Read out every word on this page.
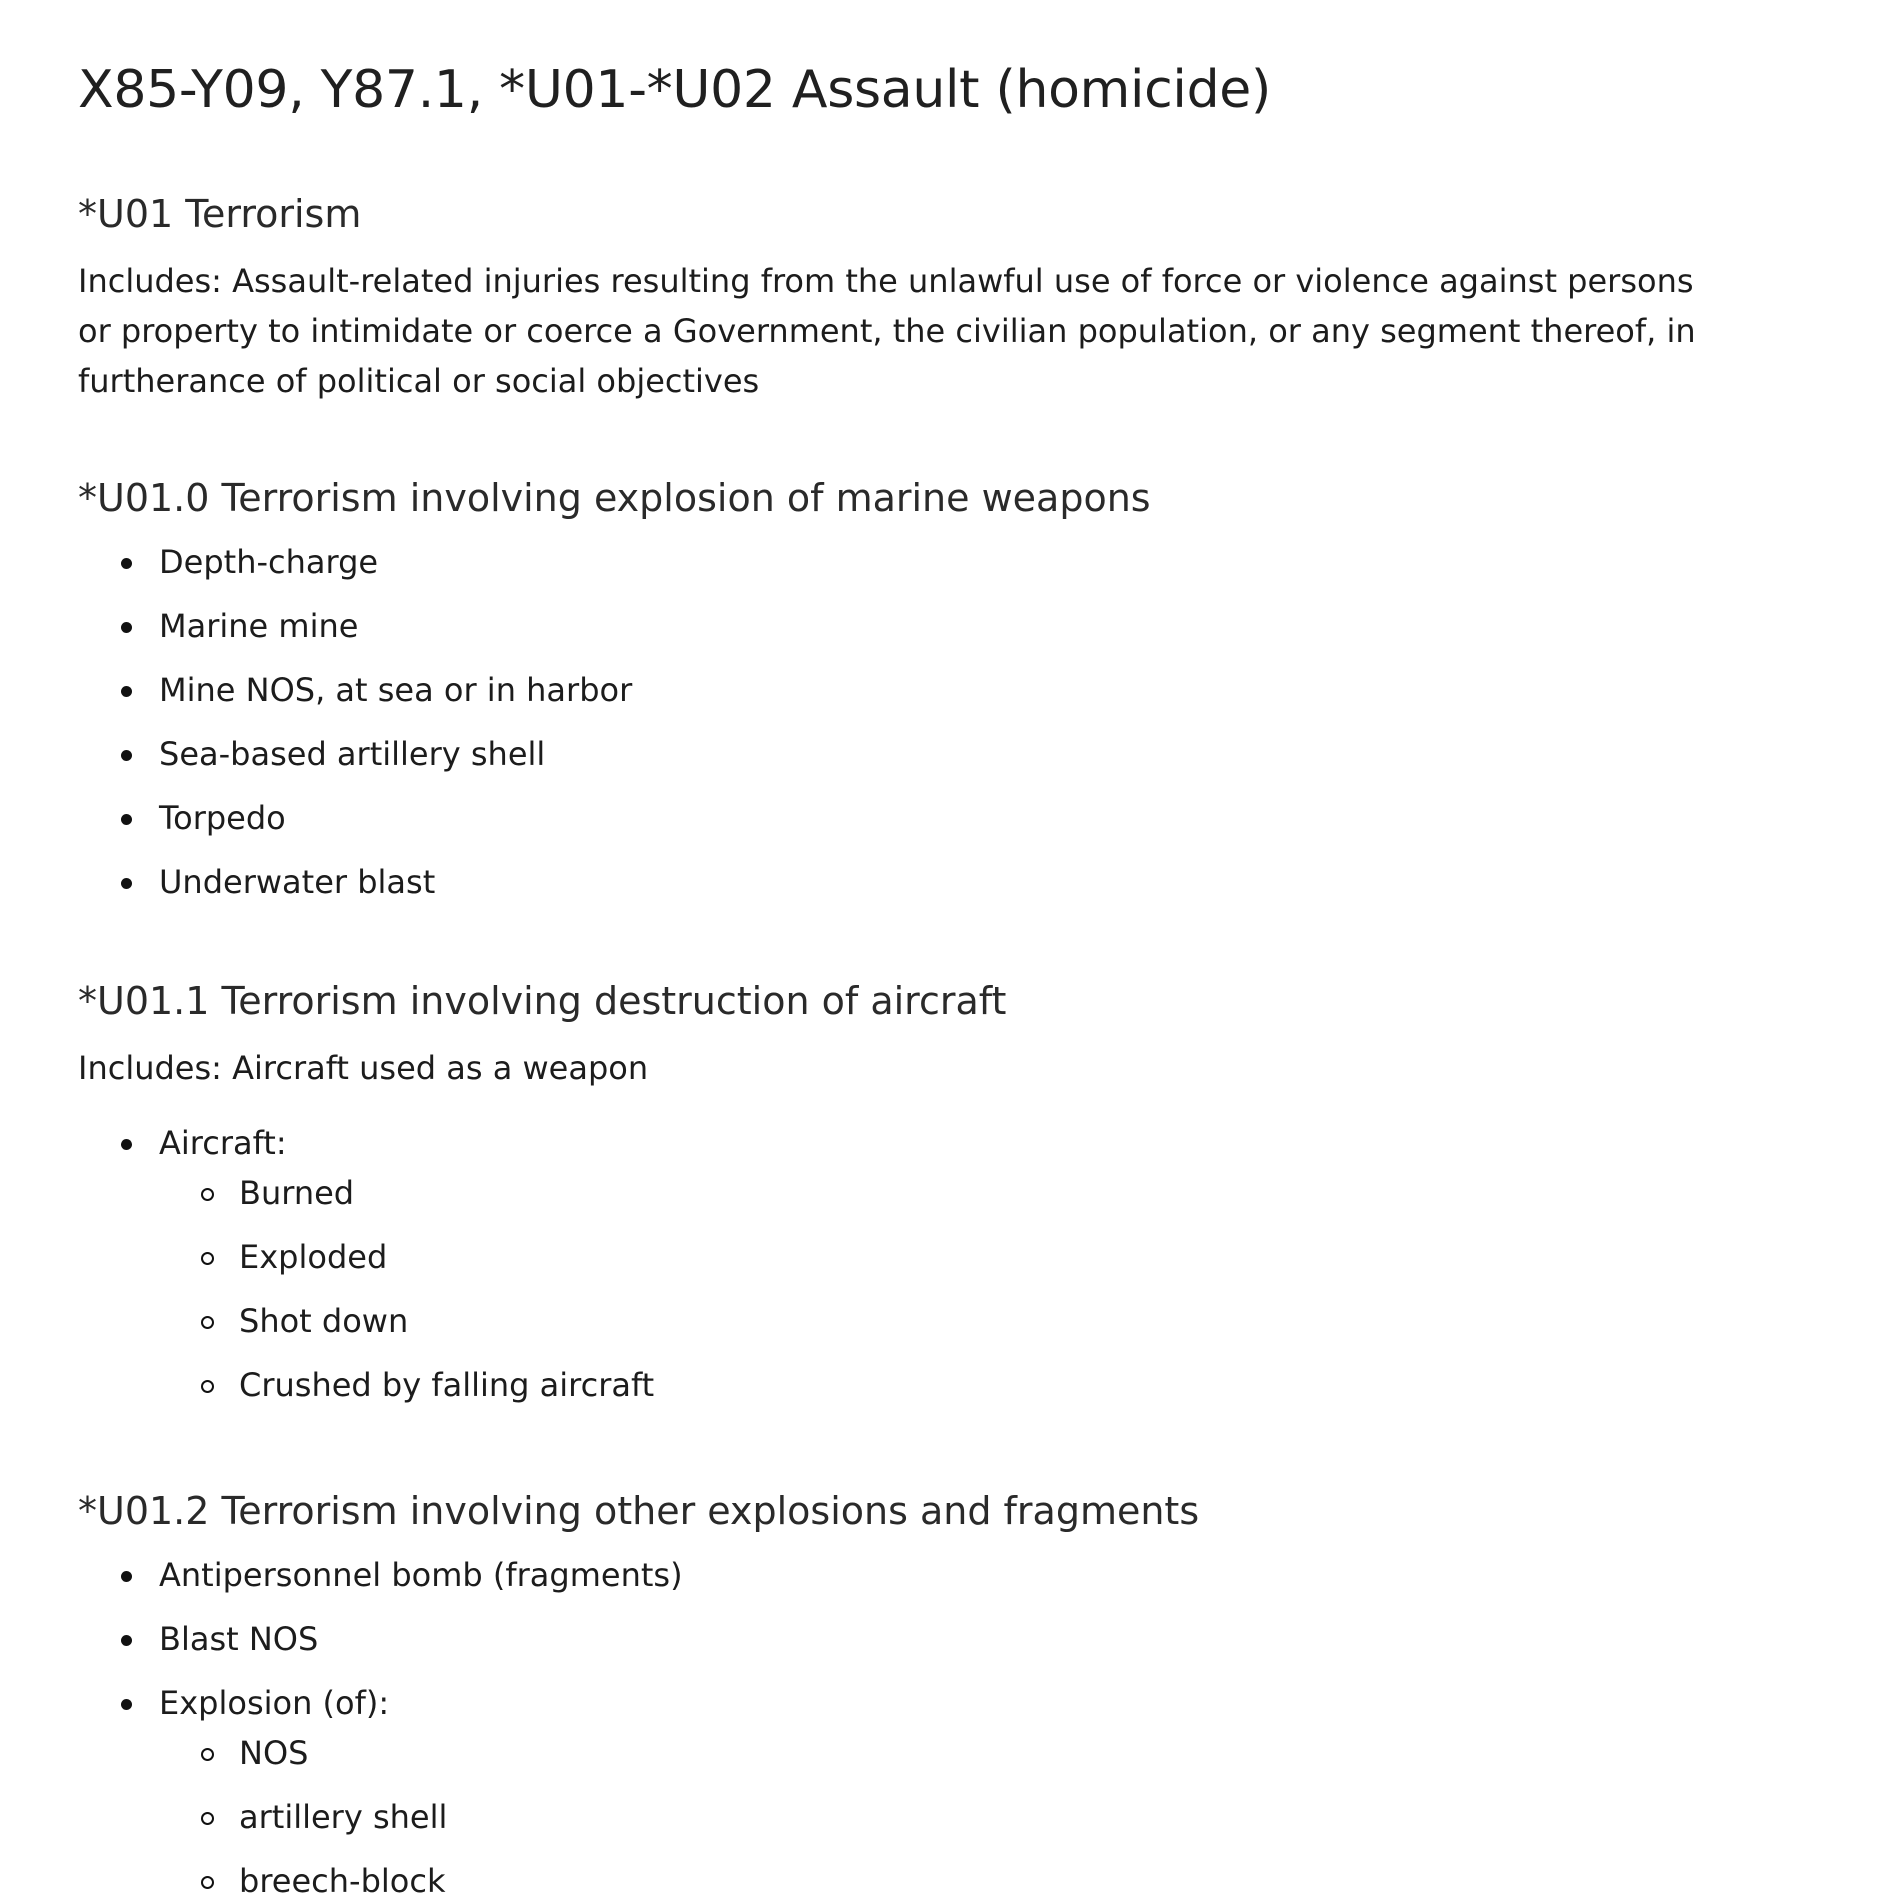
X85-Y09, Y87.1, *U01-*U02 Assault (homicide)
*U01 Terrorism

Includes: Assault-related injuries resulting from the unlawful use of force or violence against persons or property to intimidate or coerce a Government, the civilian population, or any segment thereof, in furtherance of political or social objectives

*U01.0 Terrorism involving explosion of marine weapons
Depth-charge
Marine mine
Mine NOS, at sea or in harbor
Sea-based artillery shell
Torpedo
Underwater blast
*U01.1 Terrorism involving destruction of aircraft

Includes: Aircraft used as a weapon

Aircraft:
Burned
Exploded
Shot down
Crushed by falling aircraft
*U01.2 Terrorism involving other explosions and fragments
Antipersonnel bomb (fragments)
Blast NOS
Explosion (of):
NOS
artillery shell
breech-block
